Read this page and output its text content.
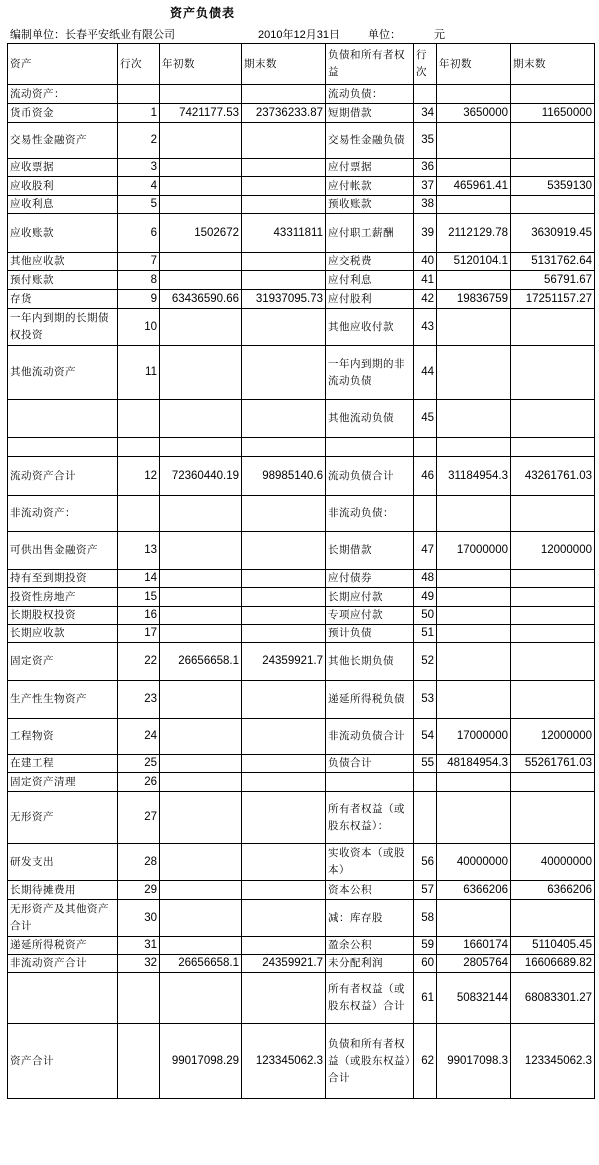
资产负债表
编制单位：长春平安纸业有限公司	2010年12月31日	单位：	元
资产	行次	年初数	期末数	负债和所有者权益	行次	年初数	期末数
流动资产：				流动负债：			
货币资金	1	7421177.53	23736233.87	短期借款	34	3650000	11650000
交易性金融资产	2			交易性金融负债	35		
应收票据	3			应付票据	36		
应收股利	4			应付帐款	37	465961.41	5359130
应收利息	5			预收账款	38		
应收账款	6	1502672	43311811	应付职工薪酬	39	2112129.78	3630919.45
其他应收款	7			应交税费	40	5120104.1	5131762.64
预付账款	8			应付利息	41		56791.67
存货	9	63436590.66	31937095.73	应付股利	42	19836759	17251157.27
一年内到期的长期债权投资	10			其他应收付款	43		
其他流动资产	11			一年内到期的非流动负债	44		
				其他流动负债	45		

流动资产合计	12	72360440.19	98985140.6	流动负债合计	46	31184954.3	43261761.03
非流动资产：				非流动负债：			
可供出售金融资产	13			长期借款	47	17000000	12000000
持有至到期投资	14			应付债券	48		
投资性房地产	15			长期应付款	49		
长期股权投资	16			专项应付款	50		
长期应收款	17			预计负债	51		
固定资产	22	26656658.1	24359921.7	其他长期负债	52		
生产性生物资产	23			递延所得税负债	53		
工程物资	24			非流动负债合计	54	17000000	12000000
在建工程	25			负债合计	55	48184954.3	55261761.03
固定资产清理	26						
无形资产	27			所有者权益（或股东权益）：			
研发支出	28			实收资本（或股本）	56	40000000	40000000
长期待摊费用	29			资本公积	57	6366206	6366206
无形资产及其他资产合计	30			减：库存股	58		
递延所得税资产	31			盈余公积	59	1660174	5110405.45
非流动资产合计	32	26656658.1	24359921.7	未分配利润	60	2805764	16606689.82
				所有者权益（或股东权益）合计	61	50832144	68083301.27
资产合计		99017098.29	123345062.3	负债和所有者权益（或股东权益）合计	62	99017098.3	123345062.3
